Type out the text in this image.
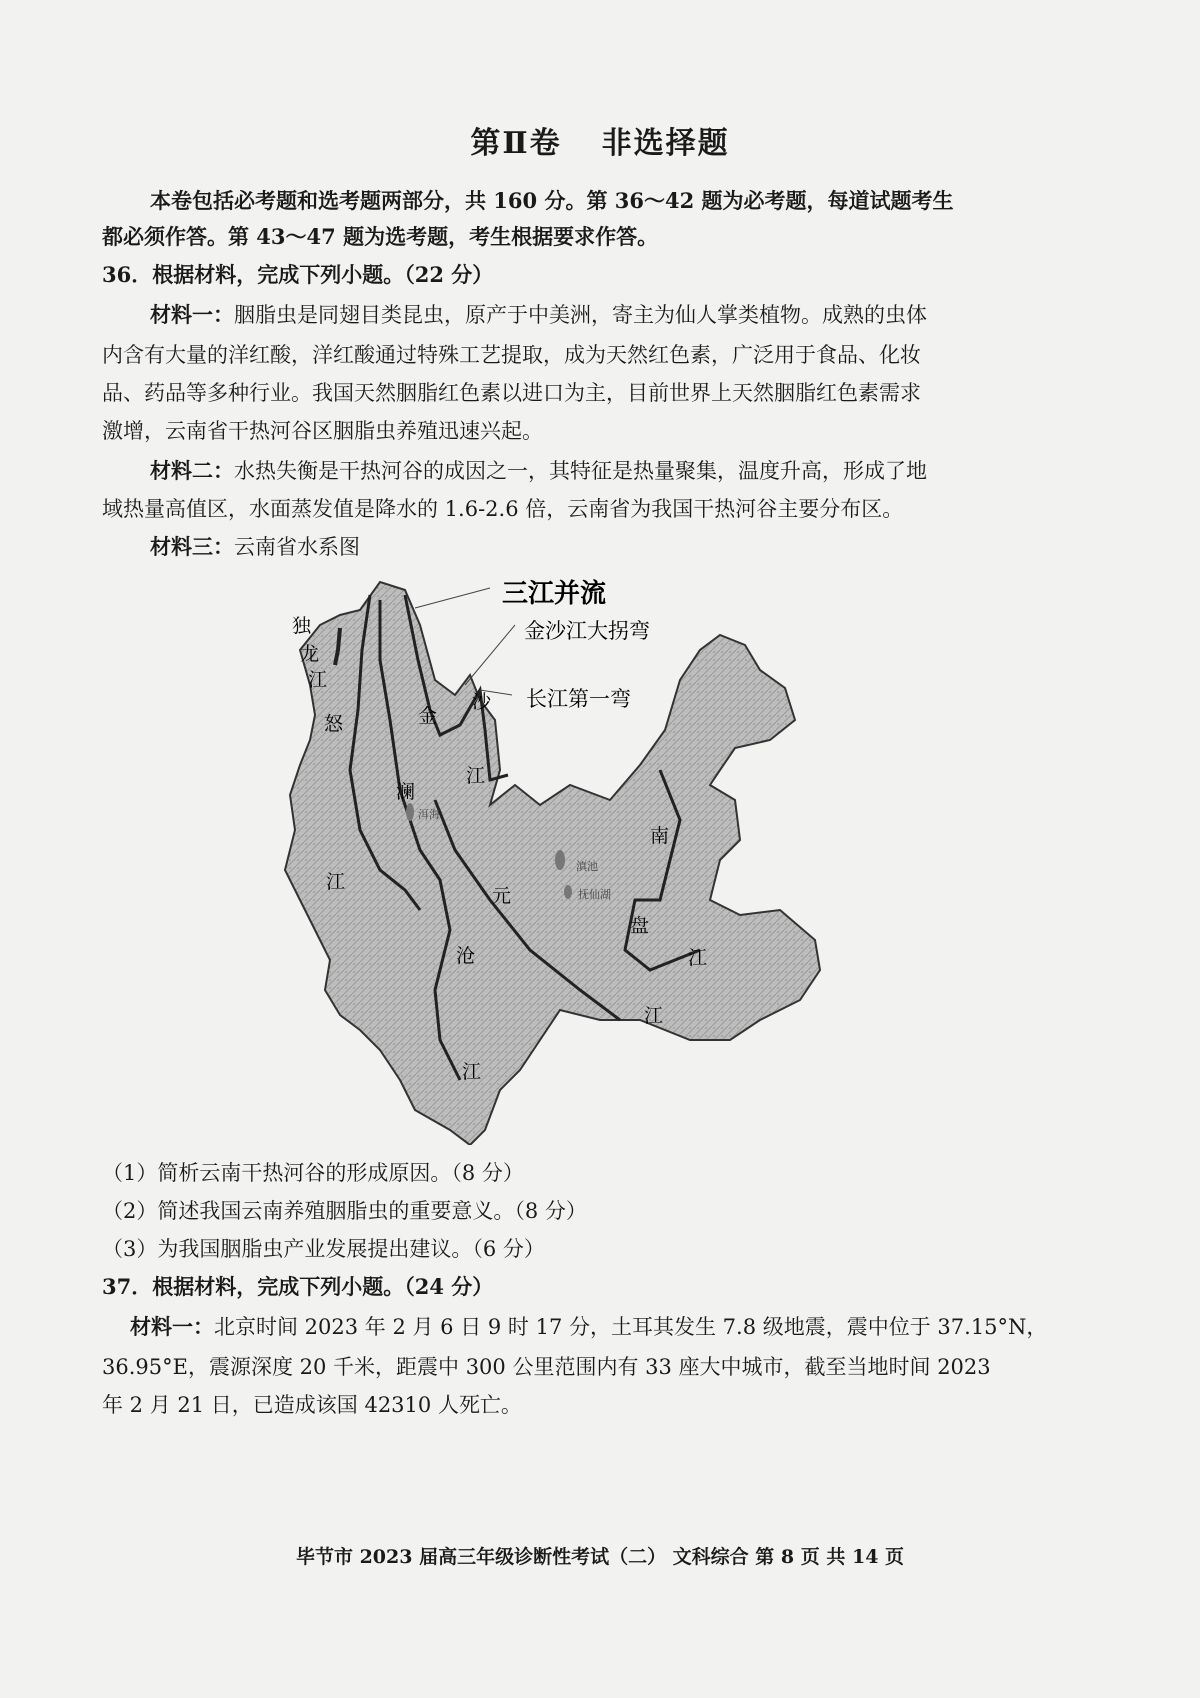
第Ⅱ卷 非选择题
本卷包括必考题和选考题两部分，共 160 分。第 36～42 题为必考题，每道试题考生
都必须作答。第 43～47 题为选考题，考生根据要求作答。
36．根据材料，完成下列小题。（22 分）
材料一：胭脂虫是同翅目类昆虫，原产于中美洲，寄主为仙人掌类植物。成熟的虫体
内含有大量的洋红酸，洋红酸通过特殊工艺提取，成为天然红色素，广泛用于食品、化妆
品、药品等多种行业。我国天然胭脂红色素以进口为主，目前世界上天然胭脂红色素需求
激增，云南省干热河谷区胭脂虫养殖迅速兴起。
材料二：水热失衡是干热河谷的成因之一，其特征是热量聚集，温度升高，形成了地
域热量高值区，水面蒸发值是降水的 1.6-2.6 倍，云南省为我国干热河谷主要分布区。
材料三：云南省水系图
三江并流
金沙江大拐弯
长江第一弯
独
龙
江
怒
江
澜
沧
江
金
沙
江
元
江
南
盘
江
洱海
滇池
抚仙湖
（1）简析云南干热河谷的形成原因。（8 分）
（2）简述我国云南养殖胭脂虫的重要意义。（8 分）
（3）为我国胭脂虫产业发展提出建议。（6 分）
37．根据材料，完成下列小题。（24 分）
材料一：北京时间 2023 年 2 月 6 日 9 时 17 分，土耳其发生 7.8 级地震，震中位于 37.15°N，
36.95°E，震源深度 20 千米，距震中 300 公里范围内有 33 座大中城市，截至当地时间 2023
年 2 月 21 日，已造成该国 42310 人死亡。
毕节市 2023 届高三年级诊断性考试（二） 文科综合 第 8 页 共 14 页
